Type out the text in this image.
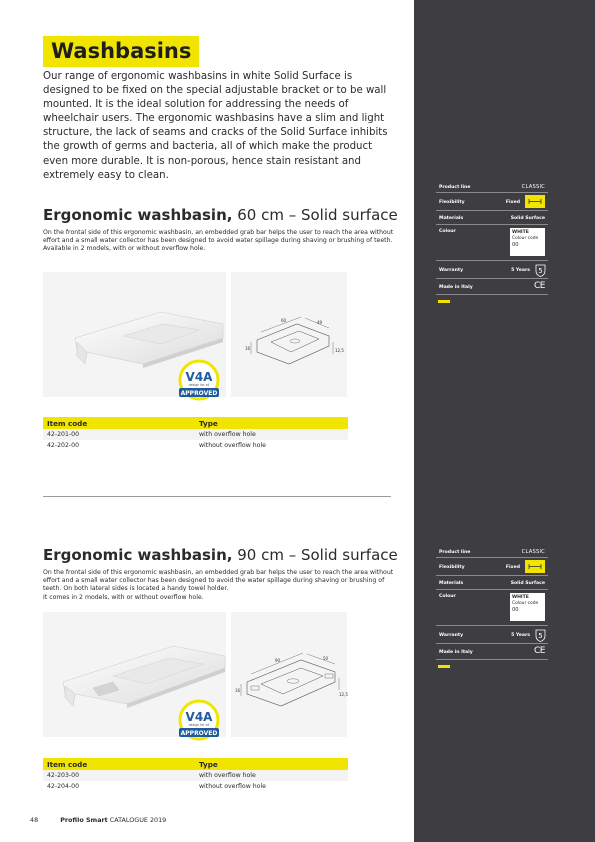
Washbasins

Our range of ergonomic washbasins in white Solid Surface is designed to be fixed on the special adjustable bracket or to be wall mounted. It is the ideal solution for addressing the needs of wheelchair users. The ergonomic washbasins have a slim and light structure, the lack of seams and cracks of the Solid Surface inhibits the growth of germs and bacteria, all of which make the product even more durable. It is non-porous, hence stain resistant and extremely easy to clean.

Ergonomic washbasin, 60 cm – Solid surface
On the frontal side of this ergonomic washbasin, an embedded grab bar helps the user to reach the area without effort and a small water collector has been designed to avoid water spillage during shaving or brushing of teeth.
Available in 2 models, with or without overflow hole.
V4A
design for all
APPROVED
60	49
16	12,5
Item code	Type
42-201-00	with overflow hole
42-202-00	without overflow hole
Product line	CLASSIC
Flexibility	Fixed
Materials	Solid Surface
Colour	WHITE
Colour code
00
Warranty	5 Years 5
Made in Italy	CE
Ergonomic washbasin, 90 cm – Solid surface
On the frontal side of this ergonomic washbasin, an embedded grab bar helps the user to reach the area without effort and a small water collector has been designed to avoid the water spillage during shaving or brushing of teeth. On both lateral sides is located a handy towel holder.
It comes in 2 models, with or without overflow hole.
V4A
design for all
APPROVED
90	50
16
12,5
Item code	Type
42-203-00	with overflow hole
42-204-00	without overflow hole
Product line	CLASSIC
Flexibility	Fixed
Materials	Solid Surface
Colour	WHITE
Colour code
00
Warranty	5 Years 5
Made in Italy	CE
48	Profilo Smart CATALOGUE 2019
